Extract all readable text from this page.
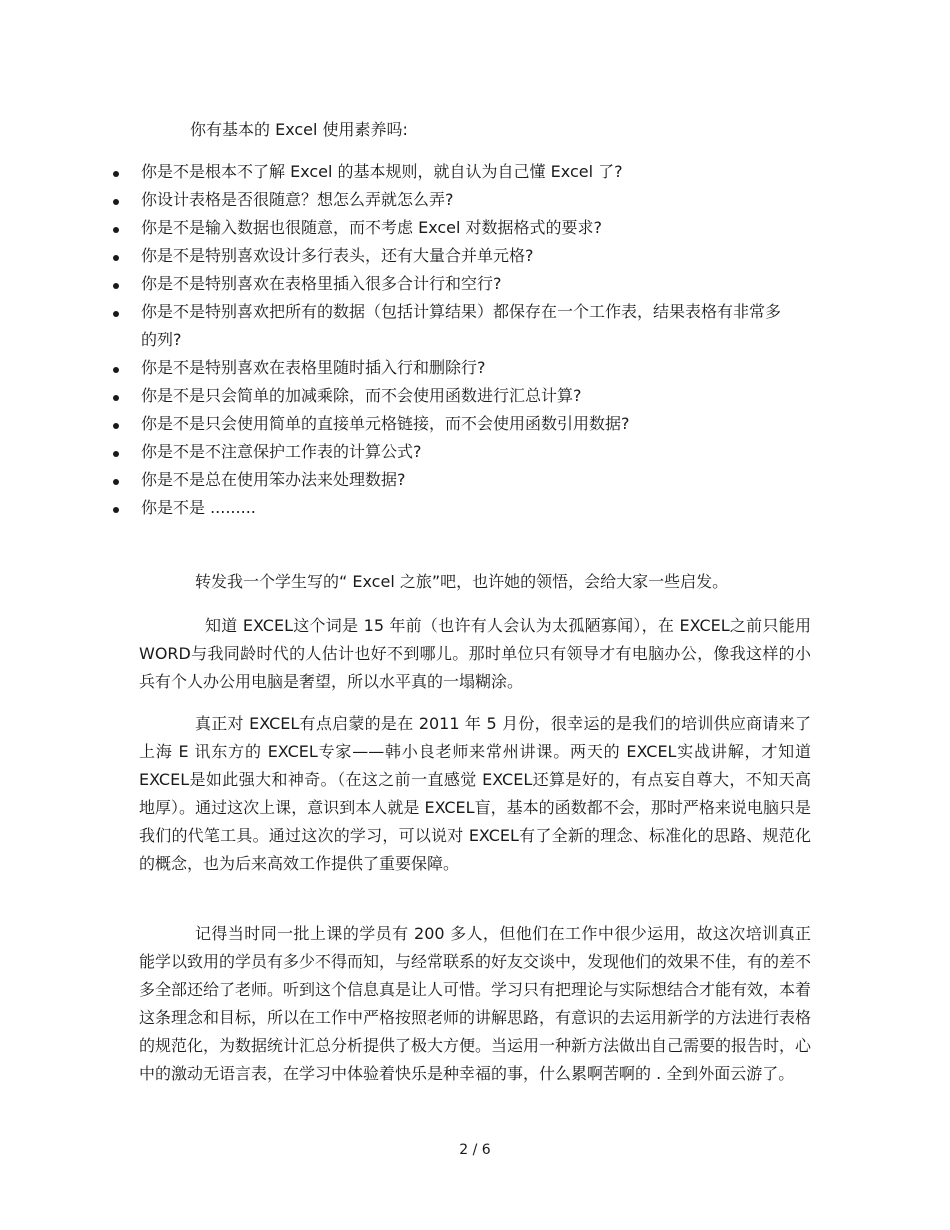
你有基本的 Excel 使用素养吗:
你是不是根本不了解 Excel 的基本规则，就自认为自己懂 Excel 了?
你设计表格是否很随意？想怎么弄就怎么弄?
你是不是输入数据也很随意，而不考虑 Excel 对数据格式的要求?
你是不是特别喜欢设计多行表头，还有大量合并单元格?
你是不是特别喜欢在表格里插入很多合计行和空行?
你是不是特别喜欢把所有的数据（包括计算结果）都保存在一个工作表，结果表格有非常多的列?
你是不是特别喜欢在表格里随时插入行和删除行?
你是不是只会简单的加减乘除，而不会使用函数进行汇总计算?
你是不是只会使用简单的直接单元格链接，而不会使用函数引用数据?
你是不是不注意保护工作表的计算公式?
你是不是总在使用笨办法来处理数据?
你是不是 .........

转发我一个学生写的“ Excel 之旅”吧，也许她的领悟，会给大家一些启发。

知道 EXCEL这个词是 15 年前（也许有人会认为太孤陋寡闻），在 EXCEL之前只能用 WORD与我同龄时代的人估计也好不到哪儿。那时单位只有领导才有电脑办公，像我这样的小兵有个人办公用电脑是奢望，所以水平真的一塌糊涂。

真正对 EXCEL有点启蒙的是在 2011 年 5 月份，很幸运的是我们的培训供应商请来了上海 E 讯东方的 EXCEL专家——韩小良老师来常州讲课。两天的 EXCEL实战讲解，才知道 EXCEL是如此强大和神奇。（在这之前一直感觉 EXCEL还算是好的，有点妄自尊大，不知天高地厚）。通过这次上课，意识到本人就是 EXCEL盲，基本的函数都不会，那时严格来说电脑只是我们的代笔工具。通过这次的学习，可以说对 EXCEL有了全新的理念、标准化的思路、规范化的概念，也为后来高效工作提供了重要保障。

记得当时同一批上课的学员有 200 多人，但他们在工作中很少运用，故这次培训真正能学以致用的学员有多少不得而知，与经常联系的好友交谈中，发现他们的效果不佳，有的差不多全部还给了老师。听到这个信息真是让人可惜。学习只有把理论与实际想结合才能有效，本着这条理念和目标，所以在工作中严格按照老师的讲解思路，有意识的去运用新学的方法进行表格的规范化，为数据统计汇总分析提供了极大方便。当运用一种新方法做出自己需要的报告时，心中的激动无语言表，在学习中体验着快乐是种幸福的事，什么累啊苦啊的 . 全到外面云游了。

2 / 6
